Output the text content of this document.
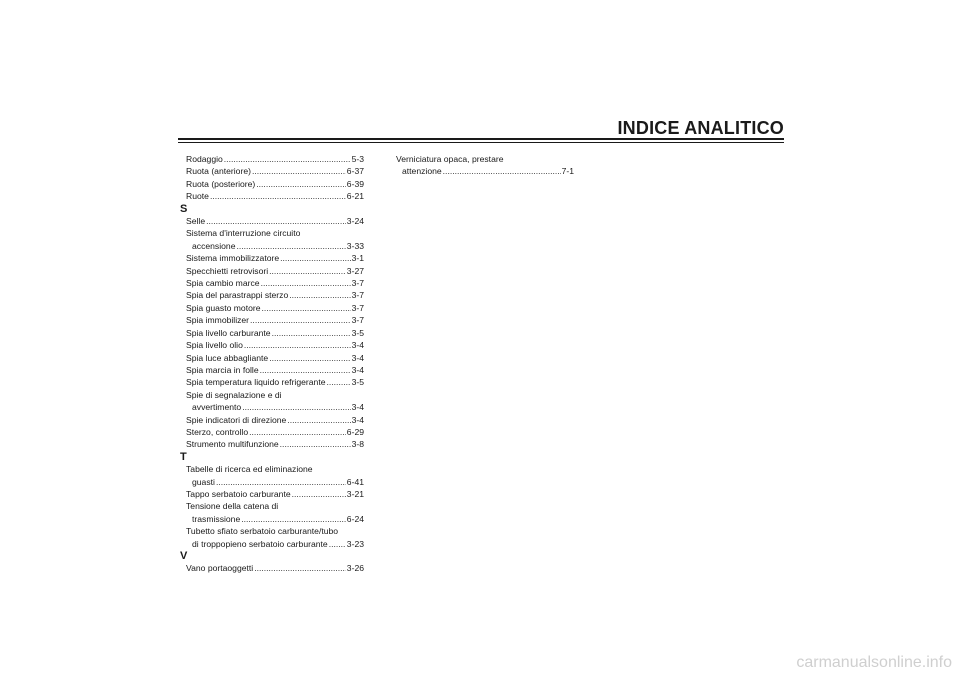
INDICE ANALITICO
Rodaggio .....	5-3
Ruota (anteriore) .....	6-37
Ruota (posteriore) .....	6-39
Ruote .....	6-21
S
Selle .....	3-24
Sistema d'interruzione circuito
accensione .....	3-33
Sistema immobilizzatore .....	3-1
Specchietti retrovisori .....	3-27
Spia cambio marce .....	3-7
Spia del parastrappi sterzo .....	3-7
Spia guasto motore .....	3-7
Spia immobilizer .....	3-7
Spia livello carburante .....	3-5
Spia livello olio .....	3-4
Spia luce abbagliante .....	3-4
Spia marcia in folle .....	3-4
Spia temperatura liquido refrigerante .....	3-5
Spie di segnalazione e di
avvertimento .....	3-4
Spie indicatori di direzione .....	3-4
Sterzo, controllo .....	6-29
Strumento multifunzione .....	3-8
T
Tabelle di ricerca ed eliminazione
guasti .....	6-41
Tappo serbatoio carburante .....	3-21
Tensione della catena di
trasmissione .....	6-24
Tubetto sfiato serbatoio carburante/tubo
di troppopieno serbatoio carburante ..... 3-23
V
Vano portaoggetti .....	3-26
Verniciatura opaca, prestare
attenzione .....	7-1
carmanualsonline.info
